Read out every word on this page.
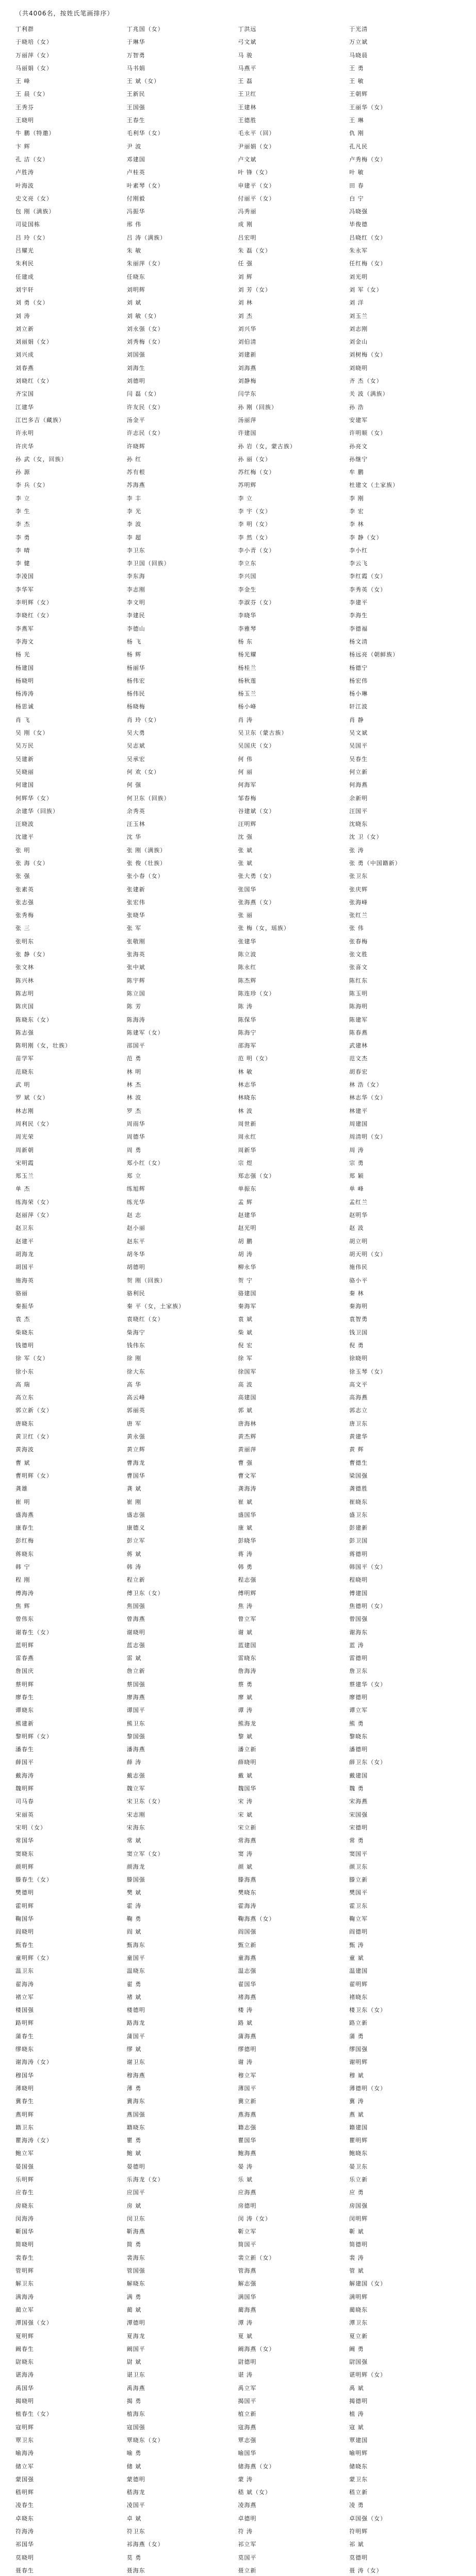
（共4006名，按姓氏笔画排序）
丁利群	丁兆国（女）	丁洪远	于光清
于晓培（女）	于琳华	弓文斌	万立斌
万丽萍（女）	万智勇	马 骏	马晓晨
马丽娟（女）	马书娟	马燕平	王 勇
王 峰	王 斌（女）	王 磊	王 敏
王 晨（女）	王新民	王卫红	王朝辉
王秀芬	王国强	王建林	王丽华（女）
王晓明	王春生	王德胜	王 琳
牛 鹏（特邀）	毛利华（女）	毛永平（回）	仇 刚
卞 辉	尹 波	尹丽娟（女）	孔凡民
孔 洁（女）	邓建国	卢文斌	卢秀梅（女）
卢胜涛	卢桂英	叶 锋（女）	叶 敏
叶海波	叶素琴（女）	申建平（女）	田 春
史文亮（女）	付刚毅	付丽平（女）	白 宁
包 刚（满族）	冯振华	冯秀丽	冯晓强
司徒国栋	邢 伟	成 刚	毕俊德
吕 玲（女）	吕 涛（满族）	吕宏明	吕晓红（女）
吕耀光	朱 敏	朱 磊（女）	朱永军
朱利民	朱丽萍（女）	任 强	任红梅（女）
任建成	任晓东	刘 辉	刘光明
刘宇轩	刘明辉	刘 芳（女）	刘 军（女）
刘 勇（女）	刘 斌	刘 林	刘 洋
刘 涛	刘 敏（女）	刘 杰	刘玉兰
刘立新	刘永强（女）	刘兴华	刘志刚
刘丽娟（女）	刘秀梅（女）	刘伯清	刘金山
刘兴成	刘国强	刘建新	刘树梅（女）
刘春燕	刘海生	刘海燕	刘晓明
刘晓红（女）	刘德明	刘静梅	齐 杰（女）
齐宝国	闫 磊（女）	闫学东	关 波（满族）
江建华	许友民（女）	孙 刚（回族）	孙 浩
江巴多吉（藏族）	汤金平	汤丽萍	安建军
许永明	许志民（女）	许建国	许明顺（女）
许庆华	许晓辉	孙 岩（女，蒙古族）	孙亮文
孙 武（女，回族）	孙 红	孙 丽（女）	孙继宁
孙 源	苏有根	苏红梅（女）	牟 鹏
李 兵（女）	苏海燕	苏明辉	杜建文（土家族）
李 立	李 丰	李 立	李 刚
李 生	李 光	李 宇（女）	李 宏
李 杰	李 波	李 明（女）	李 林
李 勇	李 超	李 然（女）	李 静（女）
李 晴	李卫东	李小青（女）	李小红
李 健	李卫国（回族）	李立东	李云飞
李凌国	李东海	李兴国	李红霞（女）
李华军	李志刚	李金生	李秀英（女）
李明辉（女）	李文明	李淑芬（女）	李建平
李晓红（女）	李建民	李晓华	李海生
李燕军	李德山	李雅琴	李德福
李海文	杨 飞	杨 东	杨文清
杨 光	杨 辉	杨光耀	杨远亮（朝鲜族）
杨建国	杨丽华	杨桂兰	杨德宁
杨晓明	杨伟宏	杨秋莲	杨宏伟
杨涛涛	杨伟民	杨玉兰	杨小琳
杨思诚	杨晓梅	杨小峰	轩江波
肖 飞	肖 玲（女）	肖 涛	肖 静
吴 刚（女）	吴大勇	吴卫东（蒙古族）	吴文斌
吴万民	吴志斌	吴国庆（女）	吴国平
吴建新	吴承宏	何 伟	吴春生
吴晓丽	何 欢（女）	何 丽	何立新
何建国	何 强	何海军	何海燕
何辉华（女）	何卫东（回族）	邹春梅	余新明
余建华（回族）	余秀英	谷建斌（女）	汪国平
汪晓波	汪玉林	汪明辉	沈晓东
沈建平	沈 华	沈 强	沈 卫（女）
张 明	张 刚（满族）	张 斌	张 涛
张 海（女）	张 俊（壮族）	张 斌	张 勇（中国籍新）
张 强	张小春（女）	张大勇（女）	张卫东
张素英	张建新	张国华	张庆辉
张志强	张宏伟	张海燕（女）	张海峰
张秀梅	张晓华	张 丽	张红兰
张 三	张 军	张 梅（女，瑶族）	张 伟
张明东	张敬刚	张建华	张春梅
张 静（女）	张海英	陈立波	张文胜
张文林	张中斌	陈永红	张喜文
陈兴林	陈宇辉	陈杰辉	陈红东
陈志明	陈立国	陈连珍（女）	陈玉明
陈庆国	陈 芳	陈 涛	陈海明
陈晓东（女）	陈海涛	陈保华	陈建军
陈志强	陈建军（女）	陈海宁	陈春燕
陈明刚（女，壮族）	邵国平	邵海军	武建林
苗学军	范 勇	范 明（女）	范文杰
范晓东	林 明	林 敏	胡春宏
武 明	林 杰	林志华	林 浩（女）
罗 斌（女）	林 波	林晓东	林志华（女）
林志刚	罗 杰	林 波	林建平
周利民（女）	周雨华	周世新	周建国
周光荣	周德华	周永红	周清明（女）
周新朝	周 勇	周新华	周 涛
宋明霞	郑小红（女）	宗 煜	宗 勇
郑玉兰	郑 立	郑志强（女）	郑 颖
单 杰	练旭辉	单振东	单 峰
练海荣（女）	练光华	孟 辉	孟红兰
赵丽萍（女）	赵 志	赵建华	赵明华
赵卫东	赵小丽	赵光明	赵 波
赵建平	赵东平	胡 鹏	胡立明
胡海龙	胡冬华	胡 涛	胡天明（女）
胡国平	胡德明	柳永华	施伟民
施海英	贺 刚（回族）	贺 宁	骆小平
骆丽	骆利民	骆建国	秦 林
秦振华	秦 平（女，土家族）	秦海军	秦海明
袁 杰	袁晓红（女）	袁 斌	袁智勇
柴晓东	柴海宁	柴 斌	钱卫国
钱德明	钱伟东	倪 宏	倪 勇
徐 军（女）	徐 刚	徐 军	徐晓明
徐小东	徐大东	徐国军	徐玉琴（女）
高 瑞	高 华	高 波	高文平
高立东	高云峰	高建国	高海燕
郭立新（女）	郭丽英	郭 斌	郭志立
唐晓东	唐 军	唐海林	唐卫东
黄卫红（女）	黄永强	黄杰辉	黄建华
黄海波	黄立辉	黄丽萍	黄 辉
曹 斌	曹海龙	曹 强	曹德生
曹明辉（女）	曹国华	曹文军	梁国强
龚雄	龚 斌	龚海涛	龚德胜
崔 明	崔 刚	崔 斌	崔晓东
盛海燕	盛志强	盛国华	盛卫东
康春生	康德义	康 斌	彭建新
彭红梅	彭立军	彭晓华	彭卫国
蒋晓东	蒋 斌	蒋 涛	蒋德明
韩 宁	韩 涛	韩 勇	韩国平（女）
程 刚	程立新	程志强	程晓明
傅海涛	傅卫东（女）	傅明辉	傅建国
焦 辉	焦国强	焦 涛	焦德明（女）
曾伟东	曾海燕	曾立军	曾国强
谢春生（女）	谢晓明	谢 斌	谢海东
蓝明辉	蓝志强	蓝建国	蓝 涛
雷春燕	雷 斌	雷晓东	雷德明
詹国庆	詹立新	詹海涛	詹卫东
蔡明辉	蔡国强	蔡 勇	蔡建华（女）
廖春生	廖海燕	廖 斌	廖德明
谭晓东	谭国平	谭 涛	谭立军
熊建新	熊卫东	熊海龙	熊 勇
黎明辉（女）	黎国强	黎 斌	黎晓东
潘春生	潘海燕	潘立新	潘德明
薛国平	薛 涛	薛晓明	薛卫东（女）
戴海涛	戴志强	戴 斌	戴建国
魏明辉	魏立军	魏国华	魏 勇
司马春	宋卫东（女）	宋 涛	宋海燕
宋丽英	宋志刚	宋 斌	宋国强
宋明（女）	宋海东	宋立新	宋德明
常国华	常 斌	常海燕	常 勇
窦晓东	窦立军（女）	窦 涛	窦国平
颜明辉	颜海龙	颜 斌	颜卫东
滕春生（女）	滕国强	滕海燕	滕立新
樊德明	樊 斌	樊晓东	樊国平
霍明辉	霍 涛	霍海涛	霍卫东
鞠国华	鞠 勇	鞠海燕（女）	鞠立军
阎晓明	阎 斌	阎国强	阎德明
甄春生	甄海东	甄立新	甄 涛
童明辉（女）	童国平	童海燕	童 斌
温卫东	温晓东	温志强	温建国
翟海涛	翟 勇	翟国华	翟明辉
褚立军	褚 斌	褚海燕	褚晓东
楼国强	楼德明	楼 涛	楼卫东（女）
路明辉	路海龙	路 斌	路立新
蒲春生	蒲国平	蒲海燕	蒲 勇
缪晓东	缪 斌	缪德明	缪国强
谢海涛（女）	谢卫东	谢 涛	谢明辉
穆国华	穆海燕	穆立军	穆 斌
薄晓明	薄 勇	薄国平	薄德明（女）
冀春生	冀海东	冀立新	冀 涛
燕明辉	燕国强	燕海燕	燕 斌
籍卫东	籍晓东	籍志强	籍建国
瞿海涛（女）	瞿 勇	瞿国华	瞿明辉
鲍立军	鲍 斌	鲍海燕	鲍晓东
晏国强	晏德明	晏 涛	晏卫东
乐明辉	乐海龙（女）	乐 斌	乐立新
应春生	应国平	应海燕	应 勇
房晓东	房 斌	房德明	房国强
闵海涛	闵卫东	闵 涛（女）	闵明辉
靳国华	靳海燕	靳立军	靳 斌
简晓明	简 勇	简国平	简德明
裴春生	裴海东	裴立新（女）	裴 涛
管明辉	管国强	管海燕	管 斌
解卫东	解晓东	解志强	解建国（女）
满海涛	满 勇	满国华	满明辉
蔺立军	蔺 斌	蔺海燕	蔺晓东
潭国强（女）	潭德明	潭 涛	潭卫东
夏明辉	夏海龙	夏 斌	夏立新
阚春生	阚国平	阚海燕（女）	阚 勇
尉晓东	尉 斌	尉德明	尉国强
谌海涛	谌卫东	谌 涛	谌明辉（女）
禹国华	禹海燕	禹立军	禹 斌
揭晓明	揭 勇	揭国平	揭德明
植春生（女）	植海东	植立新	植 涛
寇明辉	寇国强	寇海燕	寇 斌
覃卫东	覃晓东（女）	覃志强	覃建国
喻海涛	喻 勇	喻国华	喻明辉
储立军	储 斌	储海燕（女）	储晓东
蒙国强	蒙德明	蒙 涛	蒙卫东
嵇明辉	嵇海龙	嵇 斌（女）	嵇立新
凌春生	凌国平	凌海燕	凌 勇
卓晓东	卓 斌	卓德明	卓国强（女）
符海涛	符卫东	符 涛	符明辉
祁国华	祁海燕（女）	祁立军	祁 斌
莫晓明	莫 勇	莫国平	莫德明
聂春生	聂海东	聂立新	聂 涛（女）
